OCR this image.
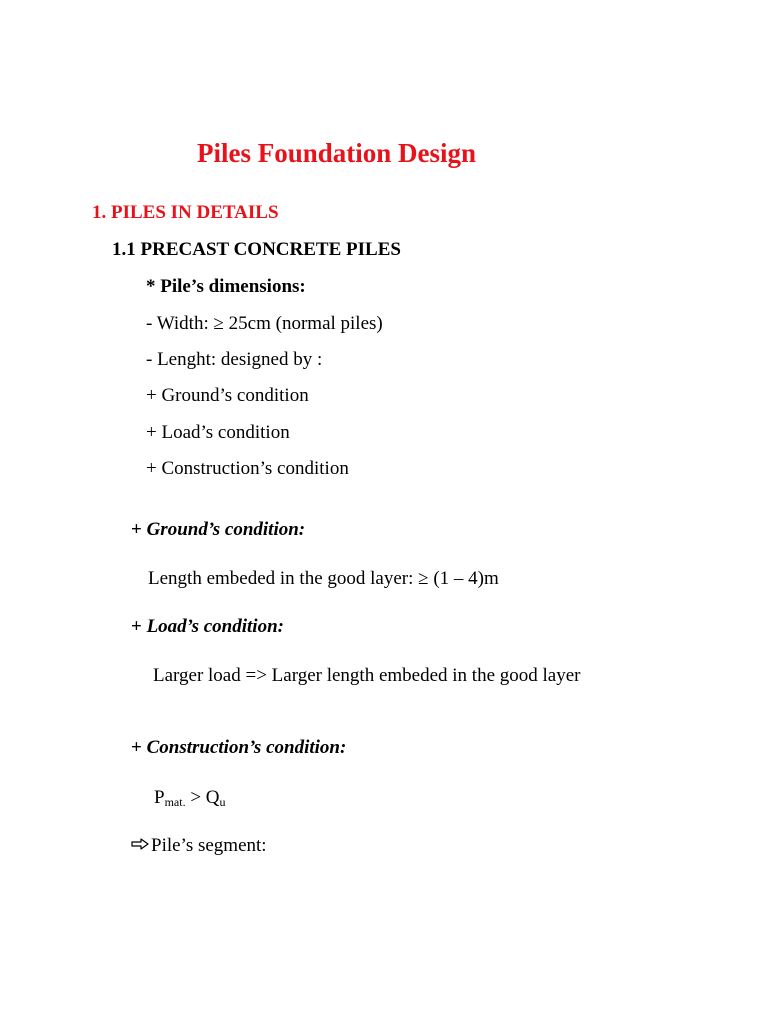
Piles Foundation Design
1. PILES IN DETAILS
1.1 PRECAST CONCRETE PILES
* Pile’s dimensions:
- Width: ≥ 25cm (normal piles)
- Lenght: designed by :
+ Ground’s condition
+ Load’s condition
+ Construction’s condition
+ Ground’s condition:
Length embeded in the good layer: ≥ (1 – 4)m
+ Load’s condition:
Larger load => Larger length embeded in the good layer
+ Construction’s condition:
$P_{mat.} > Q_u$
Pile’s segment:
